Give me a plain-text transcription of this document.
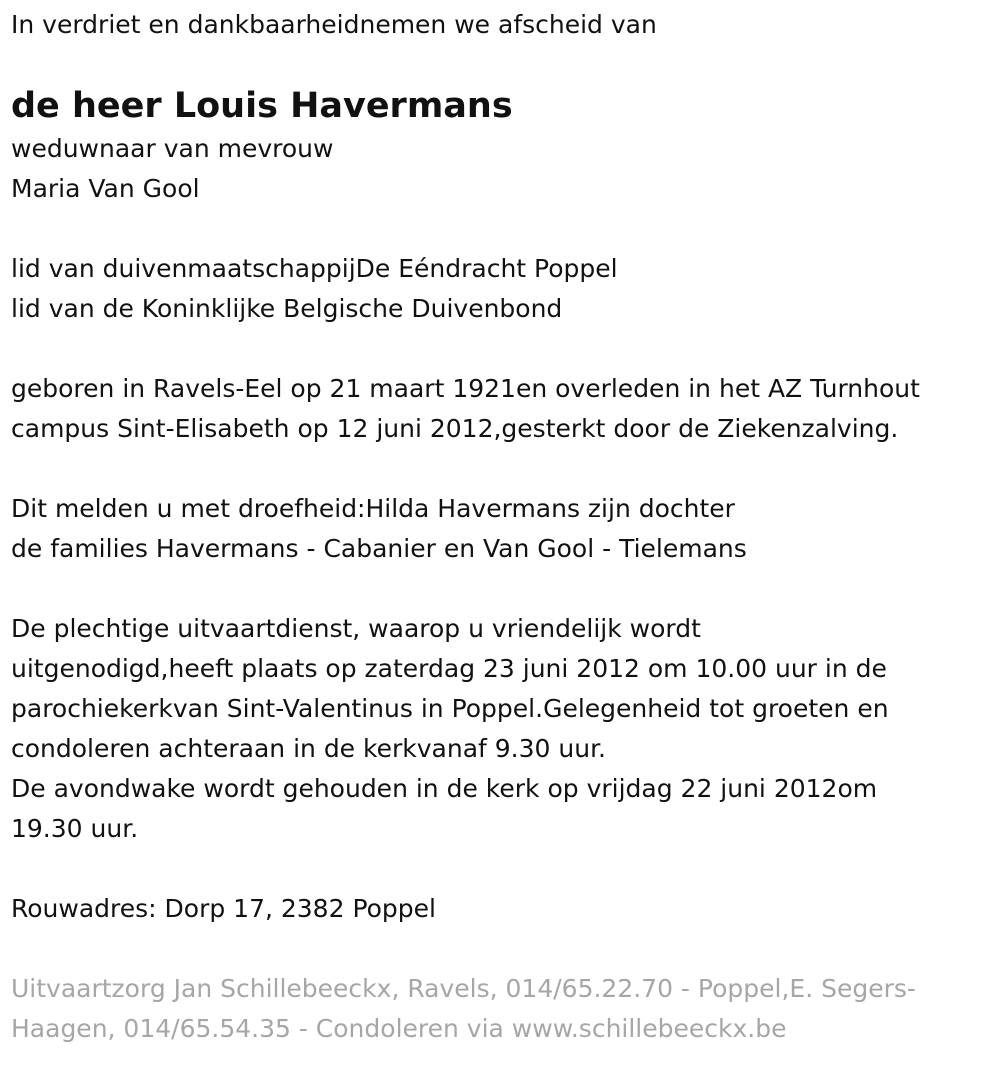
In verdriet en dankbaarheidnemen we afscheid van
de heer Louis Havermans
weduwnaar van mevrouw
Maria Van Gool
lid van duivenmaatschappijDe Eéndracht Poppel
lid van de Koninklijke Belgische Duivenbond
geboren in Ravels-Eel op 21 maart 1921en overleden in het AZ Turnhout
campus Sint-Elisabeth op 12 juni 2012,gesterkt door de Ziekenzalving.
Dit melden u met droefheid:Hilda Havermans zijn dochter
de families Havermans - Cabanier en Van Gool - Tielemans
De plechtige uitvaartdienst, waarop u vriendelijk wordt
uitgenodigd,heeft plaats op zaterdag 23 juni 2012 om 10.00 uur in de
parochiekerkvan Sint-Valentinus in Poppel.Gelegenheid tot groeten en
condoleren achteraan in de kerkvanaf 9.30 uur.
De avondwake wordt gehouden in de kerk op vrijdag 22 juni 2012om
19.30 uur.
Rouwadres: Dorp 17, 2382 Poppel
Uitvaartzorg Jan Schillebeeckx, Ravels, 014/65.22.70 - Poppel,E. Segers-
Haagen, 014/65.54.35 - Condoleren via www.schillebeeckx.be
